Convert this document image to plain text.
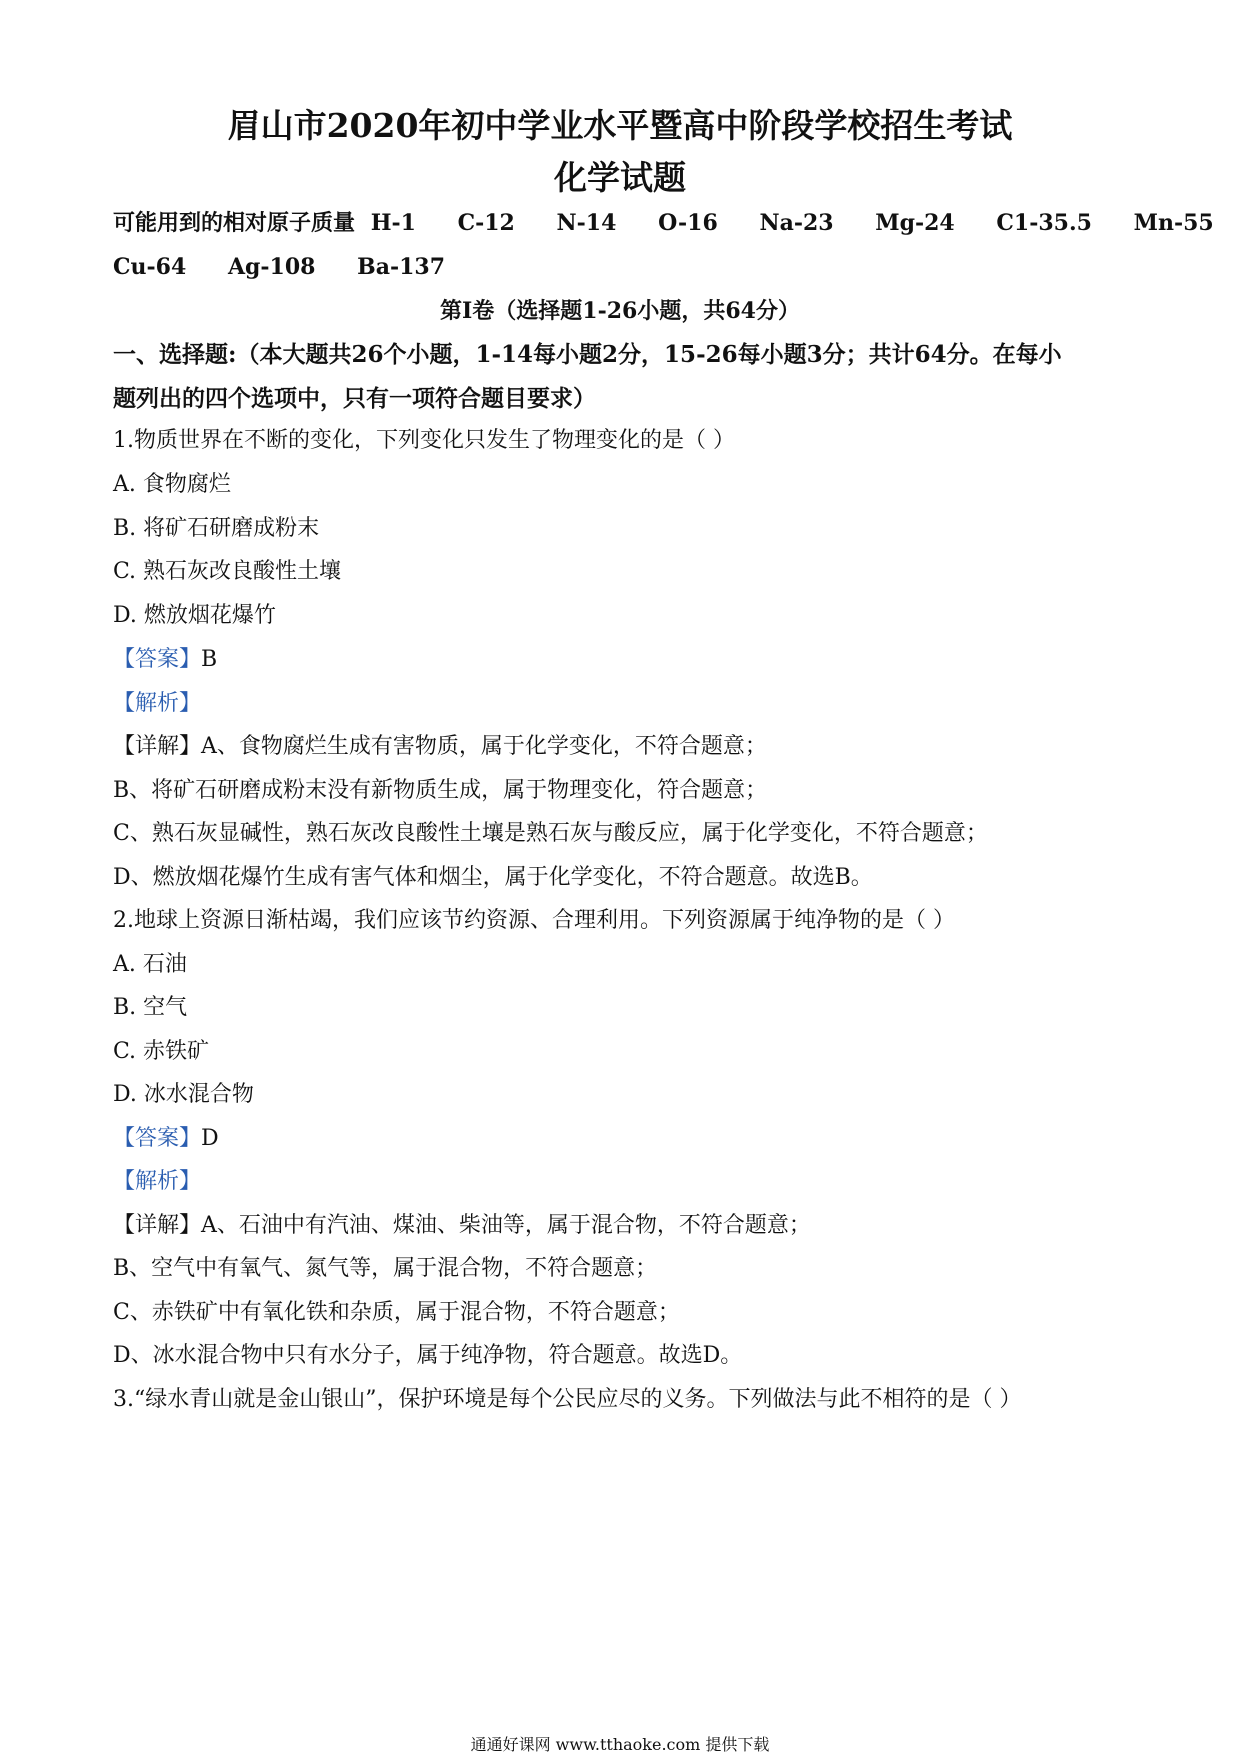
眉山市2020年初中学业水平暨高中阶段学校招生考试
化学试题
可能用到的相对原子质量 H-1 C-12 N-14 O-16 Na-23 Mg-24 C1-35.5 Mn-55
Cu-64 Ag-108 Ba-137
第I卷（选择题1-26小题，共64分）
一、选择题:（本大题共26个小题，1-14每小题2分，15-26每小题3分；共计64分。在每小
题列出的四个选项中，只有一项符合题目要求）
1.物质世界在不断的变化，下列变化只发生了物理变化的是（ ）
A. 食物腐烂
B. 将矿石研磨成粉末
C. 熟石灰改良酸性土壤
D. 燃放烟花爆竹
【答案】B
【解析】
【详解】A、食物腐烂生成有害物质，属于化学变化，不符合题意；
B、将矿石研磨成粉末没有新物质生成，属于物理变化，符合题意；
C、熟石灰显碱性，熟石灰改良酸性土壤是熟石灰与酸反应，属于化学变化，不符合题意；
D、燃放烟花爆竹生成有害气体和烟尘，属于化学变化，不符合题意。故选B。
2.地球上资源日渐枯竭，我们应该节约资源、合理利用。下列资源属于纯净物的是（ ）
A. 石油
B. 空气
C. 赤铁矿
D. 冰水混合物
【答案】D
【解析】
【详解】A、石油中有汽油、煤油、柴油等，属于混合物，不符合题意；
B、空气中有氧气、氮气等，属于混合物，不符合题意；
C、赤铁矿中有氧化铁和杂质，属于混合物，不符合题意；
D、冰水混合物中只有水分子，属于纯净物，符合题意。故选D。
3.“绿水青山就是金山银山”，保护环境是每个公民应尽的义务。下列做法与此不相符的是（ ）
通通好课网 www.tthaoke.com 提供下载
